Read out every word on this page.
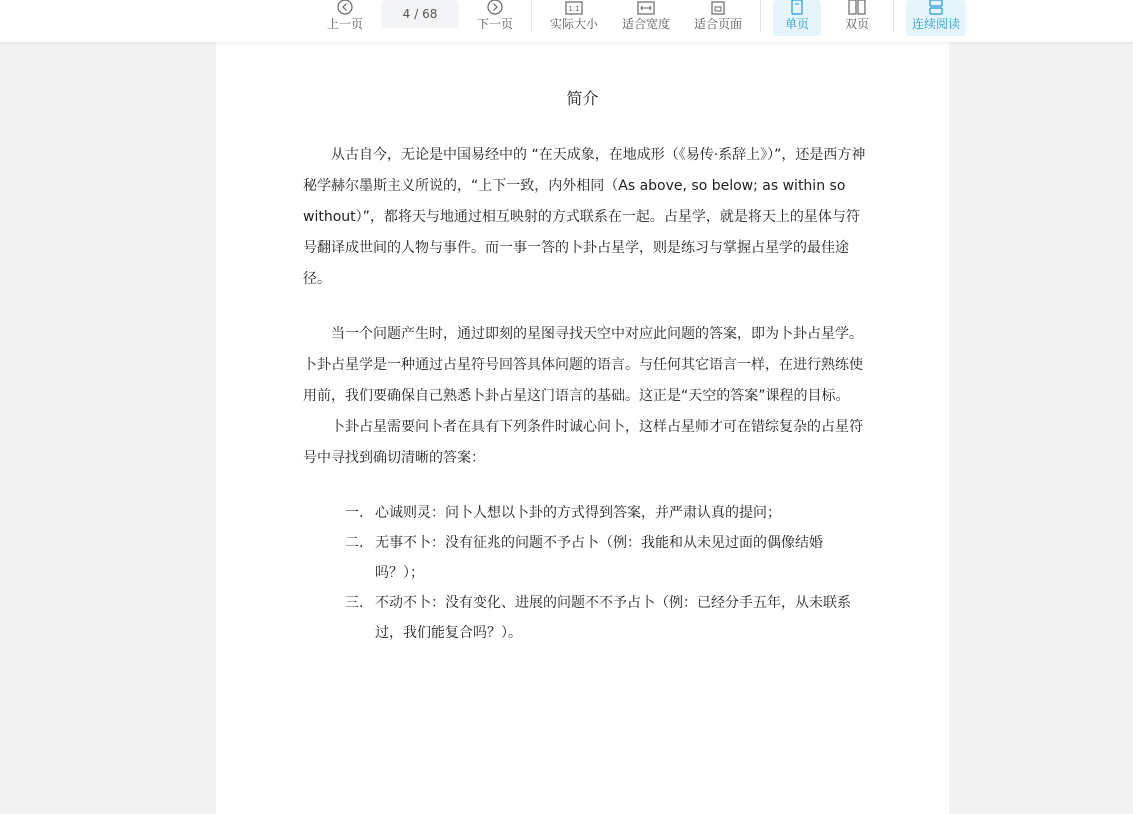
上一页
4 / 68
下一页
1:1
实际大小 适合宽度 适合页面	单页	双页	连续阅读
简介

从古自今，无论是中国易经中的 “在天成象，在地成形（《易传·系辞上》）”，还是西方神秘学赫尔墨斯主义所说的，“上下一致，内外相同（As above, so below; as within so without）”，都将天与地通过相互映射的方式联系在一起。占星学，就是将天上的星体与符号翻译成世间的人物与事件。而一事一答的卜卦占星学，则是练习与掌握占星学的最佳途径。

当一个问题产生时，通过即刻的星图寻找天空中对应此问题的答案，即为卜卦占星学。卜卦占星学是一种通过占星符号回答具体问题的语言。与任何其它语言一样，在进行熟练使用前，我们要确保自己熟悉卜卦占星这门语言的基础。这正是“天空的答案”课程的目标。

卜卦占星需要问卜者在具有下列条件时诚心问卜，这样占星师才可在错综复杂的占星符号中寻找到确切清晰的答案：

一. 心诚则灵：问卜人想以卜卦的方式得到答案，并严肃认真的提问；
二. 无事不卜：没有征兆的问题不予占卜（例：我能和从未见过面的偶像结婚吗？）；
三. 不动不卜：没有变化、进展的问题不不予占卜（例：已经分手五年，从未联系过，我们能复合吗？）。
